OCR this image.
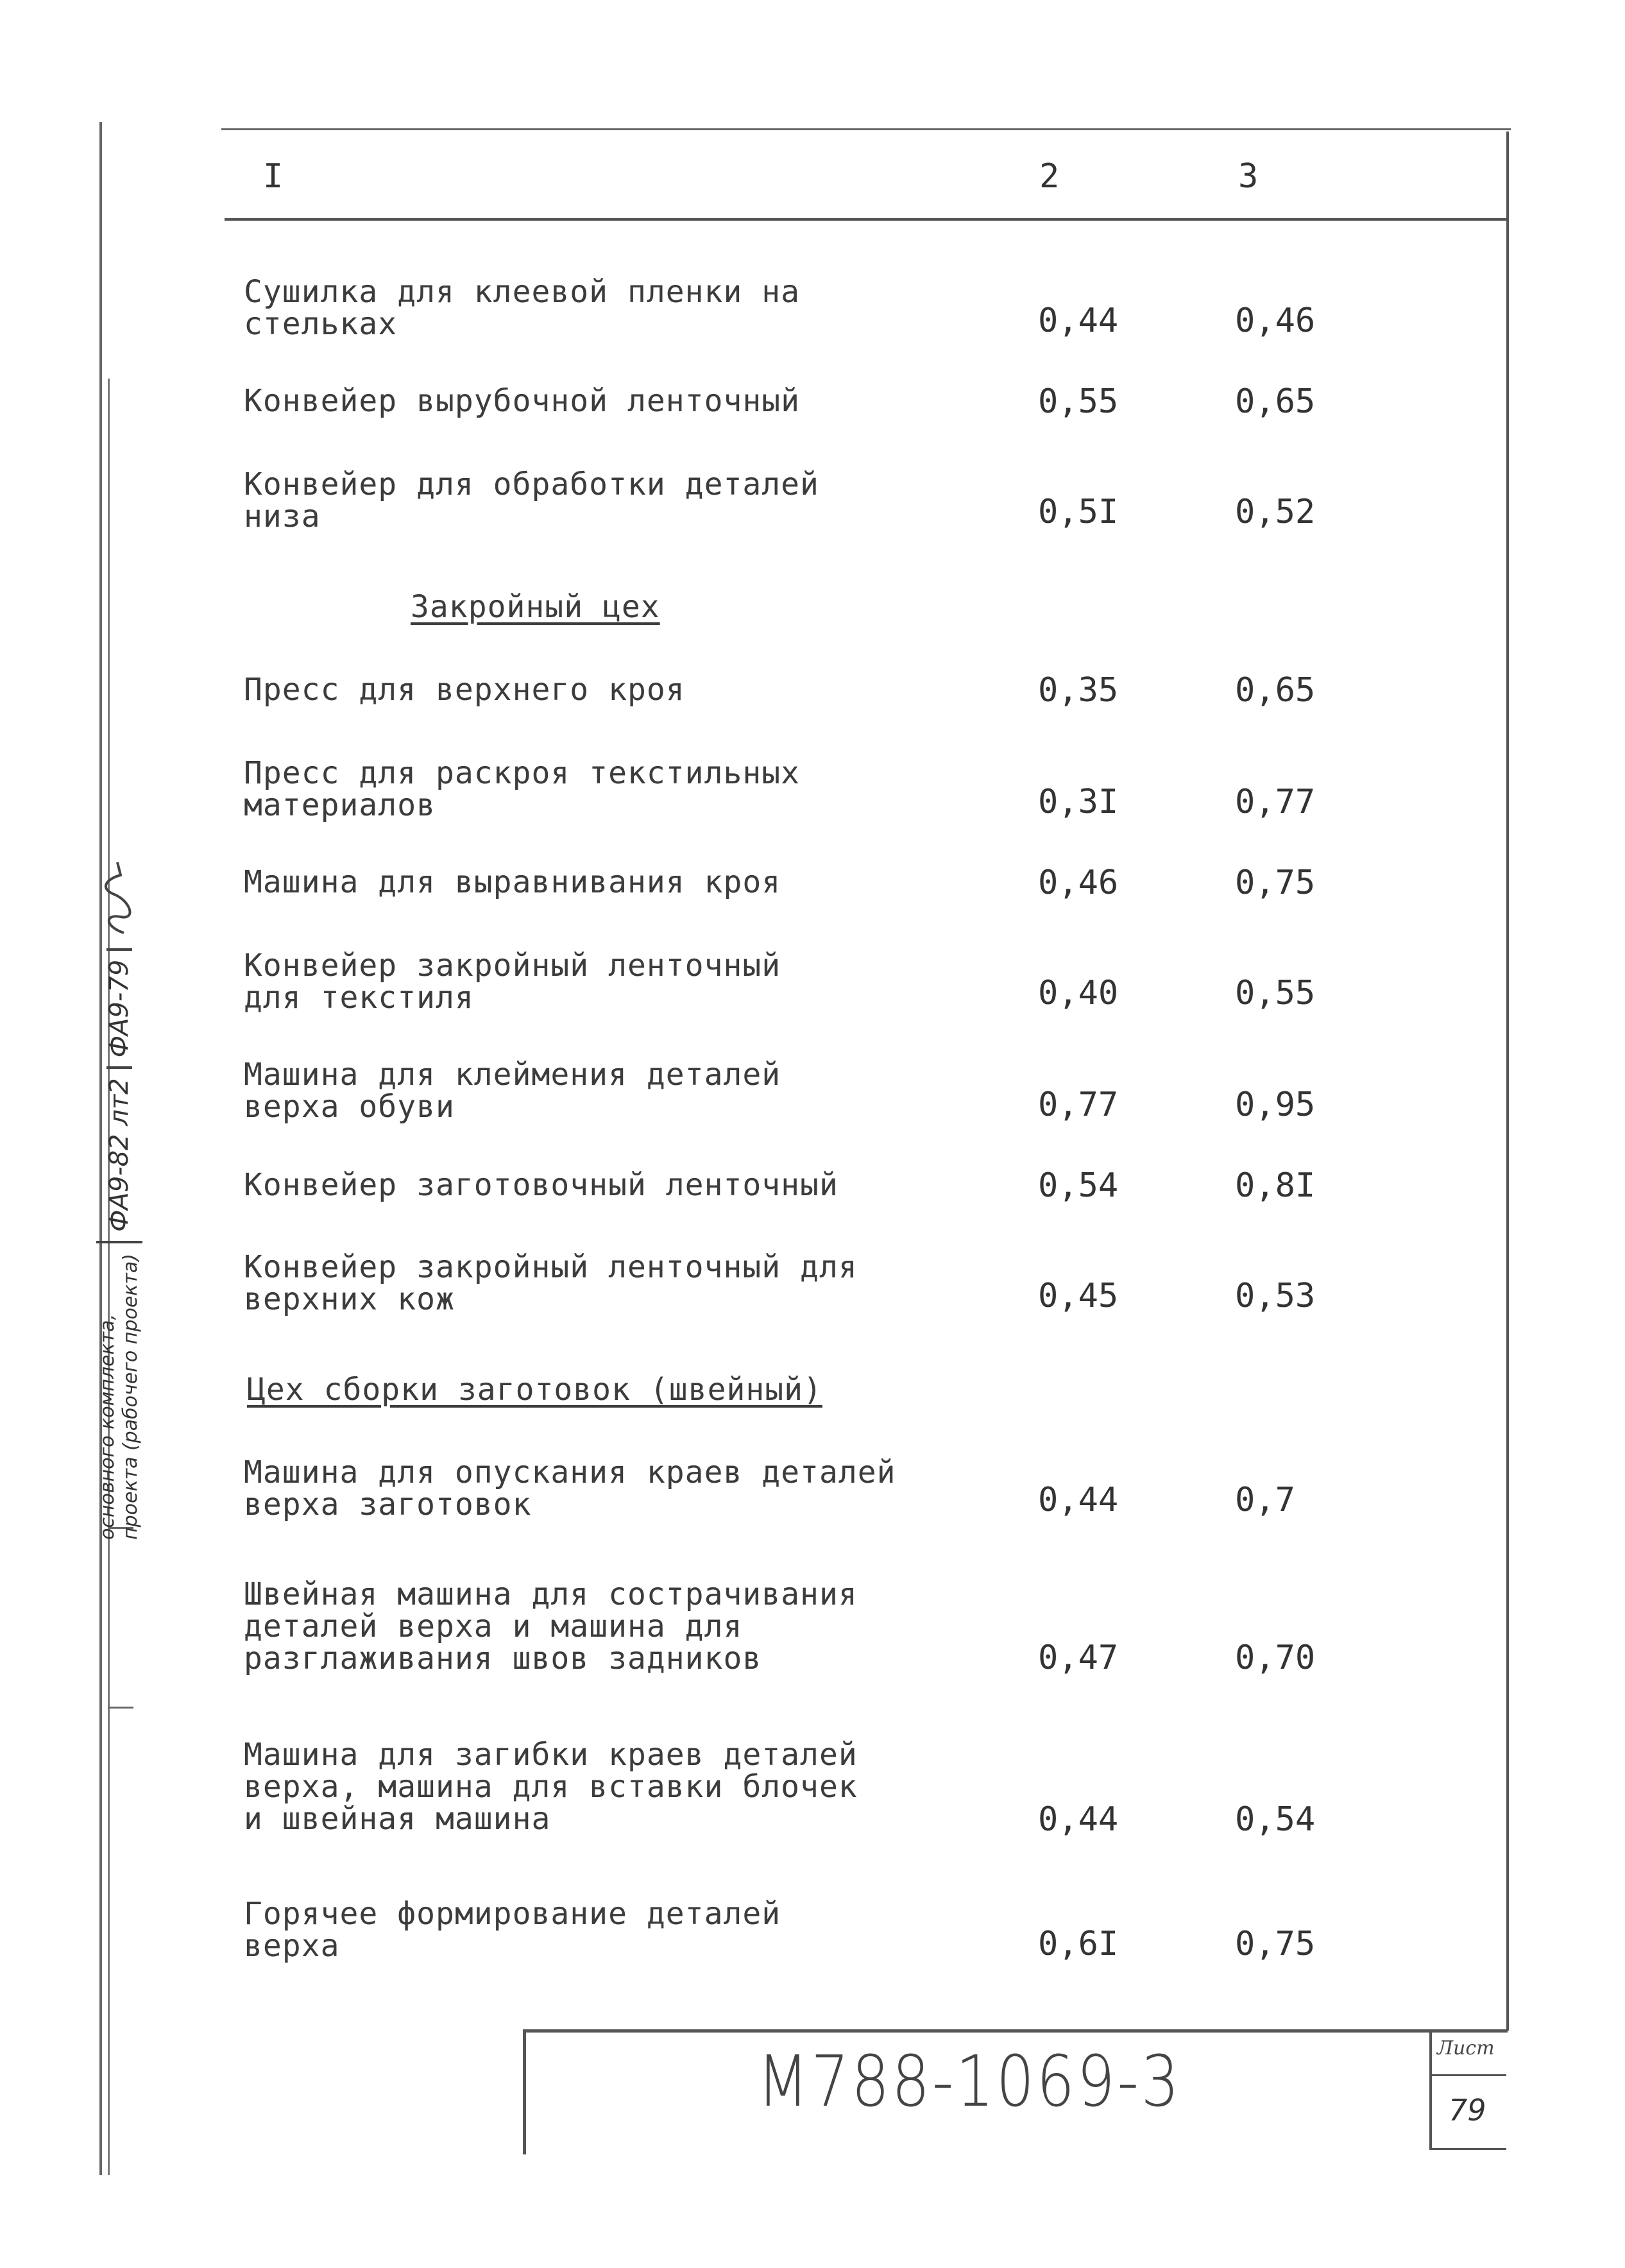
основного комплекта, проекта (рабочего проекта)
ФА9-82 лт2
ФА9-79
I	2	3
Сушилка для клеевой пленки на
стельках	0,44	0,46
Конвейер вырубочной ленточный	0,55	0,65
Конвейер для обработки деталей
низа	0,5I	0,52
Закройный цех
Пресс для верхнего кроя	0,35	0,65
Пресс для раскроя текстильных
материалов	0,3I	0,77
Машина для выравнивания кроя	0,46	0,75
Конвейер закройный ленточный
для текстиля	0,40	0,55
Машина для клеймения деталей
верха обуви	0,77	0,95
Конвейер заготовочный ленточный	0,54	0,8I
Конвейер закройный ленточный для
верхних кож	0,45	0,53
Цех сборки заготовок (швейный)
Машина для опускания краев деталей
верха заготовок	0,44	0,7
Швейная машина для сострачивания
деталей верха и машина для
разглаживания швов задников	0,47	0,70
Машина для загибки краев деталей
верха, машина для вставки блочек
и швейная машина	0,44	0,54
Горячее формирование деталей
верха	0,6I	0,75
М788-1069-3	Лист
79
